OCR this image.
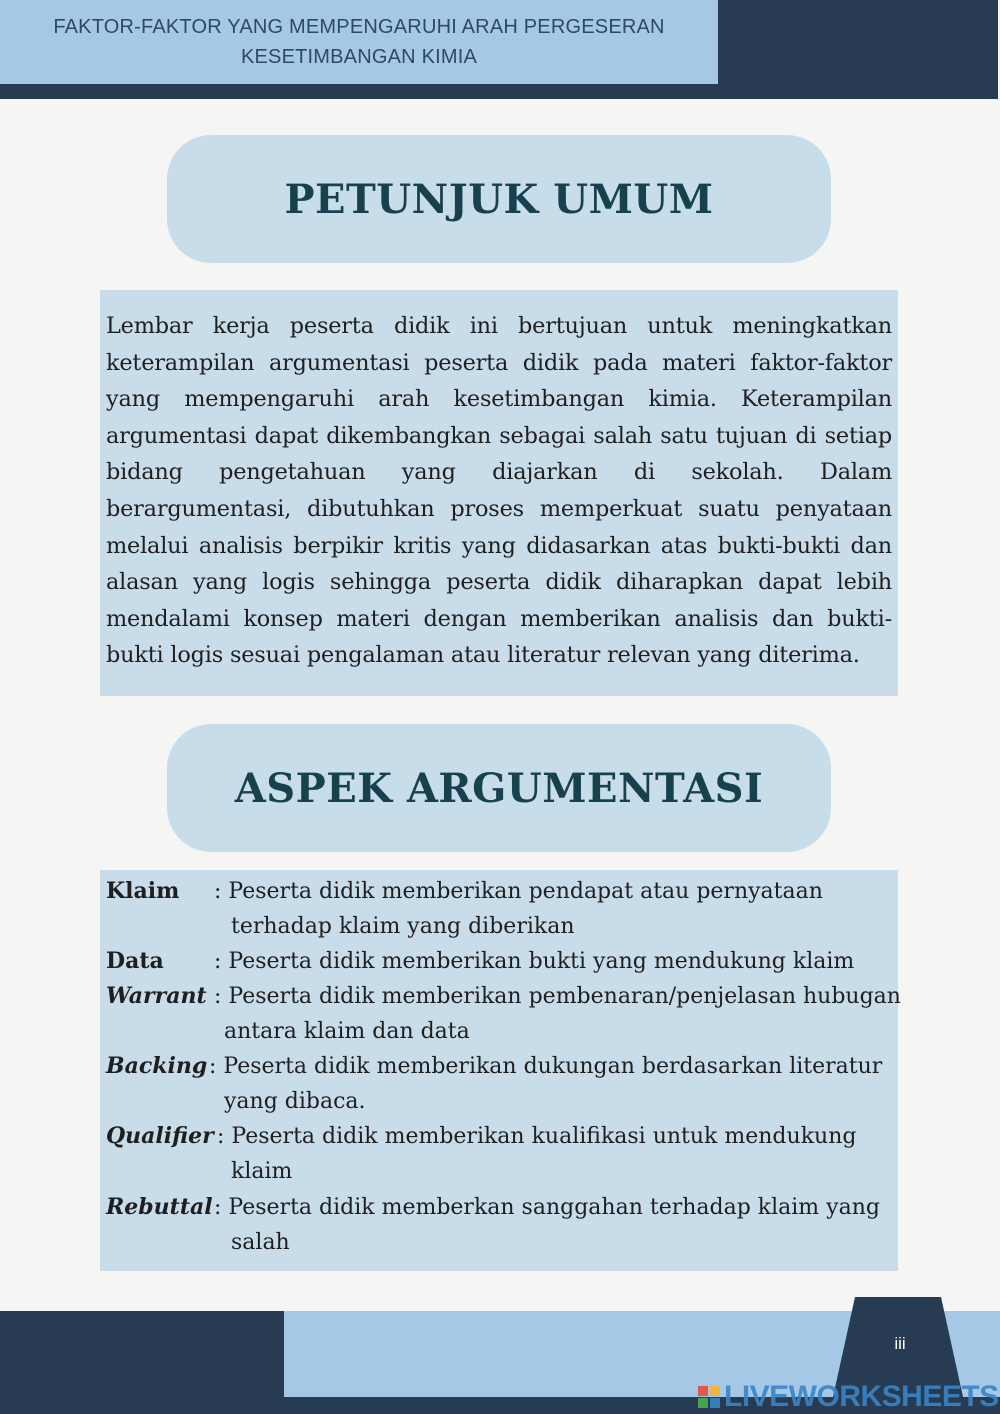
FAKTOR-FAKTOR YANG MEMPENGARUHI ARAH PERGESERAN
KESETIMBANGAN KIMIA
PETUNJUK UMUM

Lembar kerja peserta didik ini bertujuan untuk meningkatkan keterampilan argumentasi peserta didik pada materi faktor-faktor yang mempengaruhi arah kesetimbangan kimia. Keterampilan argumentasi dapat dikembangkan sebagai salah satu tujuan di setiap bidang pengetahuan yang diajarkan di sekolah. Dalam berargumentasi, dibutuhkan proses memperkuat suatu penyataan melalui analisis berpikir kritis yang didasarkan atas bukti-bukti dan alasan yang logis sehingga peserta didik diharapkan dapat lebih mendalami konsep materi dengan memberikan analisis dan bukti-bukti logis sesuai pengalaman atau literatur relevan yang diterima.

ASPEK ARGUMENTASI
Klaim : Peserta didik memberikan pendapat atau pernyataan
terhadap klaim yang diberikan
Data : Peserta didik memberikan bukti yang mendukung klaim
Warrant : Peserta didik memberikan pembenaran/penjelasan hubugan
antara klaim dan data
Backing : Peserta didik memberikan dukungan berdasarkan literatur
yang dibaca.
Qualifier : Peserta didik memberikan kualifikasi untuk mendukung
klaim
Rebuttal : Peserta didik memberkan sanggahan terhadap klaim yang
salah
iii
LIVEWORKSHEETS
